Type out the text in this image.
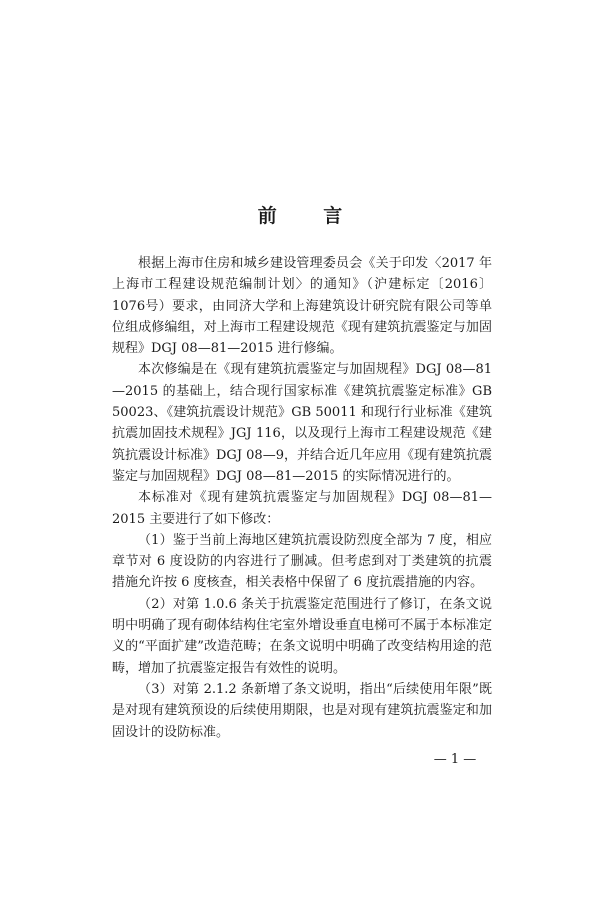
前 言

根据上海市住房和城乡建设管理委员会《关于印发〈2017 年上海市工程建设规范编制计划〉的通知》（沪建标定〔2016〕1076号）要求，由同济大学和上海建筑设计研究院有限公司等单位组成修编组，对上海市工程建设规范《现有建筑抗震鉴定与加固规程》DGJ 08—81—2015 进行修编。

本次修编是在《现有建筑抗震鉴定与加固规程》DGJ 08—81—2015 的基础上，结合现行国家标准《建筑抗震鉴定标准》GB 50023、《建筑抗震设计规范》GB 50011 和现行行业标准《建筑抗震加固技术规程》JGJ 116，以及现行上海市工程建设规范《建筑抗震设计标准》DGJ 08—9，并结合近几年应用《现有建筑抗震鉴定与加固规程》DGJ 08—81—2015 的实际情况进行的。

本标准对《现有建筑抗震鉴定与加固规程》DGJ 08—81—2015 主要进行了如下修改：

（1）鉴于当前上海地区建筑抗震设防烈度全部为 7 度，相应章节对 6 度设防的内容进行了删减。但考虑到对丁类建筑的抗震措施允许按 6 度核查，相关表格中保留了 6 度抗震措施的内容。

（2）对第 1.0.6 条关于抗震鉴定范围进行了修订，在条文说明中明确了现有砌体结构住宅室外增设垂直电梯可不属于本标准定义的“平面扩建”改造范畴；在条文说明中明确了改变结构用途的范畴，增加了抗震鉴定报告有效性的说明。

（3）对第 2.1.2 条新增了条文说明，指出“后续使用年限”既是对现有建筑预设的后续使用期限，也是对现有建筑抗震鉴定和加固设计的设防标准。

— 1 —
